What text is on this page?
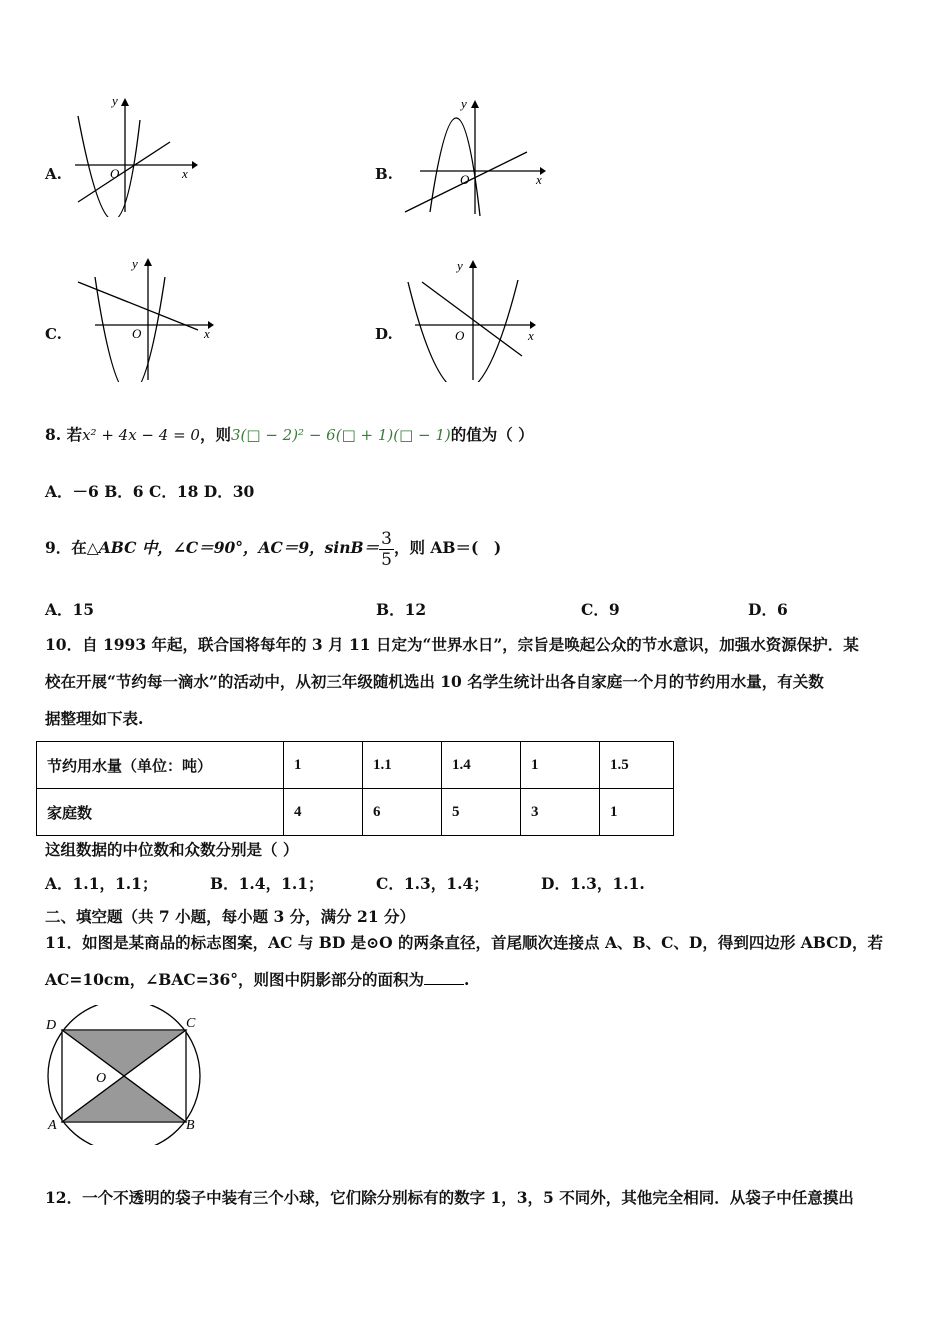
A.
y
x
O	B.
y
x
O
C.
y
x
O	D.
y
x
O
8. 若x² + 4x − 4 = 0，则3(□ − 2)² − 6(□ + 1)(□ − 1)的值为（ ）
A．－6 B．6 C．18 D．30
9．在△ABC 中，∠C＝90°，AC＝9，$\sin B= \frac{3}{5}$ ，则 AB＝(　)
A．15	B．12	C．9	D．6
10．自 1993 年起，联合国将每年的 3 月 11 日定为“世界水日”，宗旨是唤起公众的节水意识，加强水资源保护．某
校在开展“节约每一滴水”的活动中，从初三年级随机选出 10 名学生统计出各自家庭一个月的节约用水量，有关数
据整理如下表.
节约用水量（单位：吨）	1	1.1	1.4	1	1.5
家庭数	4	6	5	3	1
这组数据的中位数和众数分别是（ ）
A．1.1，1.1；	B．1.4，1.1；	C．1.3，1.4；	D．1.3，1.1.
二、填空题（共 7 小题，每小题 3 分，满分 21 分）
11．如图是某商品的标志图案，AC 与 BD 是⊙O 的两条直径，首尾顺次连接点 A、B、C、D，得到四边形 ABCD，若
AC=10cm，∠BAC=36°，则图中阴影部分的面积为	.
D	C
A	B
O
12．一个不透明的袋子中装有三个小球，它们除分别标有的数字 1，3，5 不同外，其他完全相同．从袋子中任意摸出
